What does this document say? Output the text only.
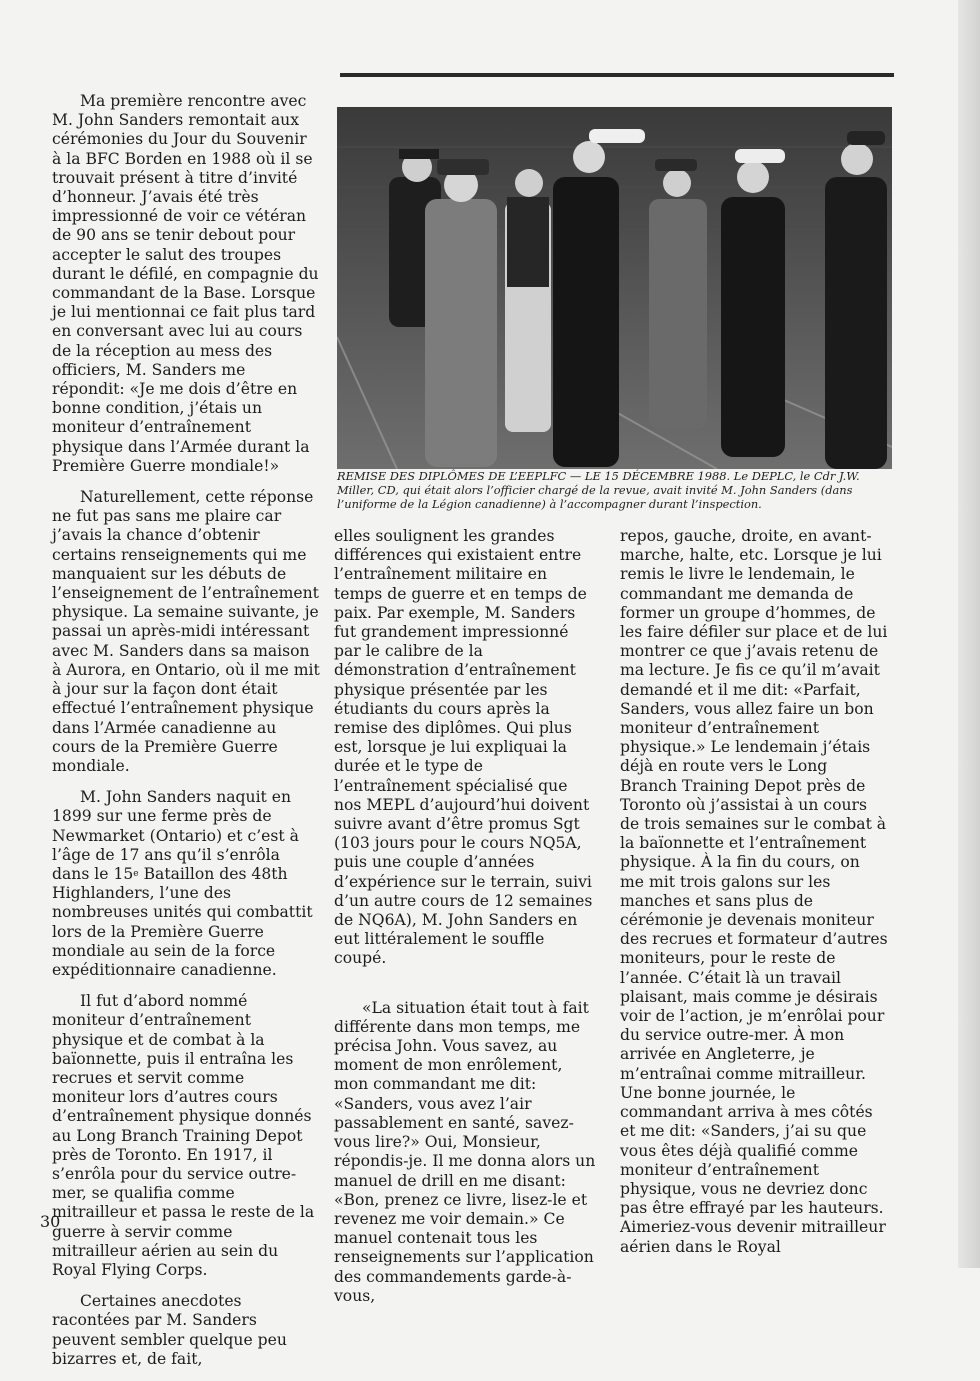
Ma première rencontre avec M. John Sanders remontait aux cérémonies du Jour du Souvenir à la BFC Borden en 1988 où il se trouvait présent à titre d’invité d’honneur. J’avais été très impressionné de voir ce vétéran de 90 ans se tenir debout pour accepter le salut des troupes durant le défilé, en compagnie du commandant de la Base. Lorsque je lui mentionnai ce fait plus tard en conversant avec lui au cours de la réception au mess des officiers, M. Sanders me répondit: «Je me dois d’être en bonne condition, j’étais un moniteur d’entraînement physique dans l’Armée durant la Première Guerre mondiale!»

Naturellement, cette réponse ne fut pas sans me plaire car j’avais la chance d’obtenir certains renseignements qui me manquaient sur les débuts de l’enseignement de l’entraînement physique. La semaine suivante, je passai un après-midi intéressant avec M. Sanders dans sa maison à Aurora, en Ontario, où il me mit à jour sur la façon dont était effectué l’entraînement physique dans l’Armée canadienne au cours de la Première Guerre mondiale.

M. John Sanders naquit en 1899 sur une ferme près de Newmarket (Ontario) et c’est à l’âge de 17 ans qu’il s’enrôla dans le 15e Bataillon des 48th Highlanders, l’une des nombreuses unités qui combattit lors de la Première Guerre mondiale au sein de la force expéditionnaire canadienne.

Il fut d’abord nommé moniteur d’entraînement physique et de combat à la baïonnette, puis il entraîna les recrues et servit comme moniteur lors d’autres cours d’entraînement physique donnés au Long Branch Training Depot près de Toronto. En 1917, il s’enrôla pour du service outre-mer, se qualifia comme mitrailleur et passa le reste de la guerre à servir comme mitrailleur aérien au sein du Royal Flying Corps.

Certaines anecdotes racontées par M. Sanders peuvent sembler quelque peu bizarres et, de fait,

REMISE DES DIPLÔMES DE L’EEPLFC — LE 15 DÉCEMBRE 1988. Le DEPLC, le Cdr J.W. Miller, CD, qui était alors l’officier chargé de la revue, avait invité M. John Sanders (dans l’uniforme de la Légion canadienne) à l’accompagner durant l’inspection.

elles soulignent les grandes différences qui existaient entre l’entraînement militaire en temps de guerre et en temps de paix. Par exemple, M. Sanders fut grandement impressionné par le calibre de la démonstration d’entraînement physique présentée par les étudiants du cours après la remise des diplômes. Qui plus est, lorsque je lui expliquai la durée et le type de l’entraînement spécialisé que nos MEPL d’aujourd’hui doivent suivre avant d’être promus Sgt (103 jours pour le cours NQ5A, puis une couple d’années d’expérience sur le terrain, suivi d’un autre cours de 12 semaines de NQ6A), M. John Sanders en eut littéralement le souffle coupé.

«La situation était tout à fait différente dans mon temps, me précisa John. Vous savez, au moment de mon enrôlement, mon commandant me dit: «Sanders, vous avez l’air passablement en santé, savez-vous lire?» Oui, Monsieur, répondis-je. Il me donna alors un manuel de drill en me disant: «Bon, prenez ce livre, lisez-le et revenez me voir demain.» Ce manuel contenait tous les renseignements sur l’application des commandements garde-à-vous,

repos, gauche, droite, en avant-marche, halte, etc. Lorsque je lui remis le livre le lendemain, le commandant me demanda de former un groupe d’hommes, de les faire défiler sur place et de lui montrer ce que j’avais retenu de ma lecture. Je fis ce qu’il m’avait demandé et il me dit: «Parfait, Sanders, vous allez faire un bon moniteur d’entraînement physique.» Le lendemain j’étais déjà en route vers le Long Branch Training Depot près de Toronto où j’assistai à un cours de trois semaines sur le combat à la baïonnette et l’entraînement physique. À la fin du cours, on me mit trois galons sur les manches et sans plus de cérémonie je devenais moniteur des recrues et formateur d’autres moniteurs, pour le reste de l’année. C’était là un travail plaisant, mais comme je désirais voir de l’action, je m’enrôlai pour du service outre-mer. À mon arrivée en Angleterre, je m’entraînai comme mitrailleur. Une bonne journée, le commandant arriva à mes côtés et me dit: «Sanders, j’ai su que vous êtes déjà qualifié comme moniteur d’entraînement physique, vous ne devriez donc pas être effrayé par les hauteurs. Aimeriez-vous devenir mitrailleur aérien dans le Royal

30
